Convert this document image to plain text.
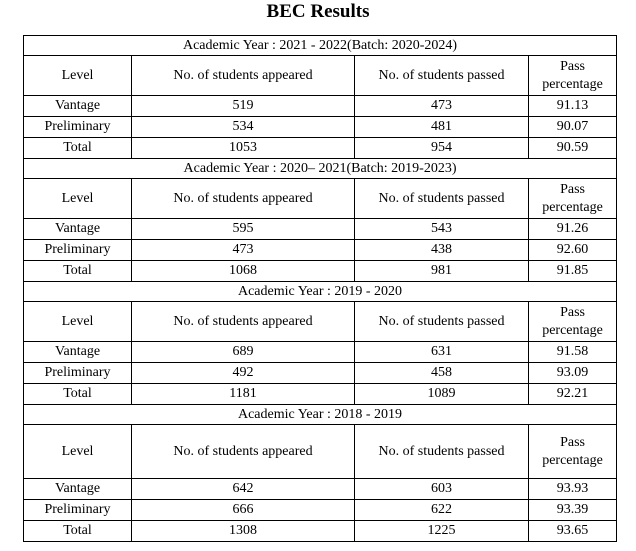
BEC Results
Academic Year : 2021 - 2022(Batch: 2020-2024)			
Level	No. of students appeared	No. of students passed	Pass percentage
Vantage	519	473	91.13
Preliminary	534	481	90.07
Total	1053	954	90.59
Academic Year : 2020– 2021(Batch: 2019-2023)			
Level	No. of students appeared	No. of students passed	Pass percentage
Vantage	595	543	91.26
Preliminary	473	438	92.60
Total	1068	981	91.85
Academic Year : 2019 - 2020			
Level	No. of students appeared	No. of students passed	Pass percentage
Vantage	689	631	91.58
Preliminary	492	458	93.09
Total	1181	1089	92.21
Academic Year : 2018 - 2019			
Level	No. of students appeared	No. of students passed	Pass percentage
Vantage	642	603	93.93
Preliminary	666	622	93.39
Total	1308	1225	93.65
